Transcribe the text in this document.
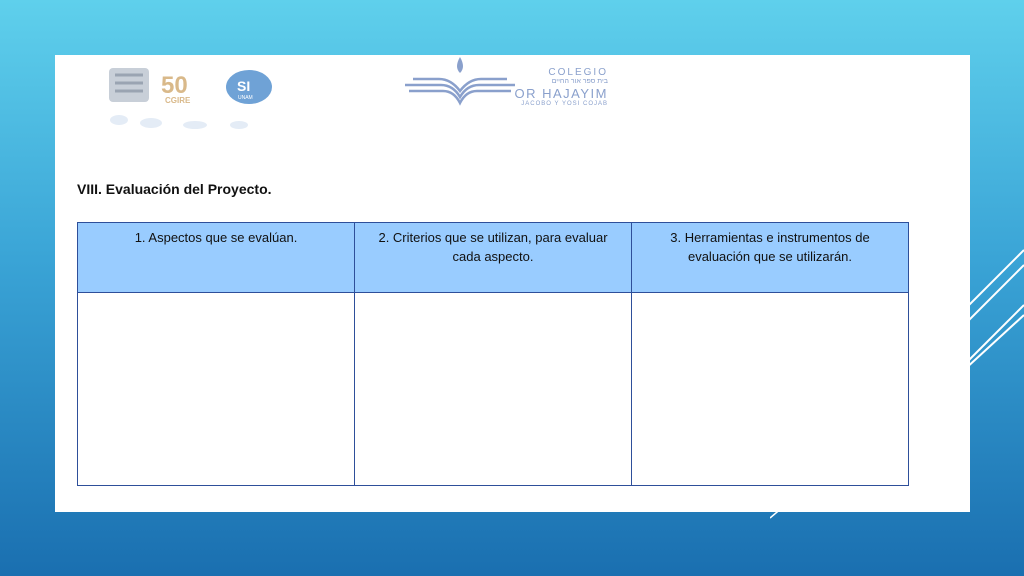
50
CGIRE
SI
UNAM
COLEGIO
בית ספר אור החיים
OR HAJAYIM
JACOBO Y YOSI COJAB
VIII. Evaluación del Proyecto.
1. Aspectos que se evalúan.	2. Criterios que se utilizan, para evaluar cada aspecto.	3. Herramientas e instrumentos de evaluación que se utilizarán.
